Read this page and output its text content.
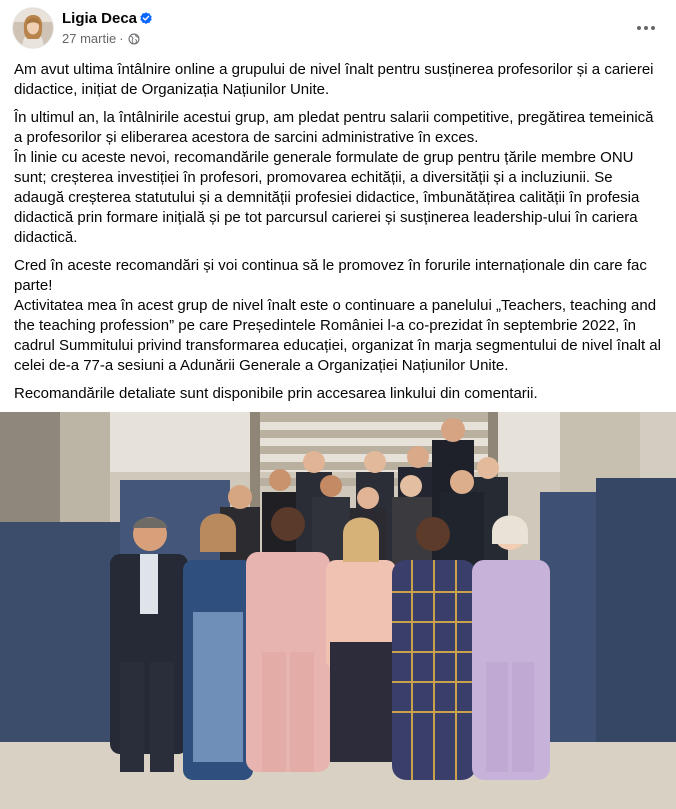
Ligia Deca
27 martie ·

Am avut ultima întâlnire online a grupului de nivel înalt pentru susținerea profesorilor și a carierei didactice, inițiat de Organizația Națiunilor Unite.

În ultimul an, la întâlnirile acestui grup, am pledat pentru salarii competitive, pregătirea temeinică a profesorilor și eliberarea acestora de sarcini administrative în exces.
În linie cu aceste nevoi, recomandările generale formulate de grup pentru țările membre ONU sunt; creșterea investiției în profesori, promovarea echității, a diversității și a incluziunii. Se adaugă creșterea statutului și a demnității profesiei didactice, îmbunătățirea calității în profesia didactică prin formare inițială și pe tot parcursul carierei și susținerea leadership-ului în cariera didactică.

Cred în aceste recomandări și voi continua să le promovez în forurile internaționale din care fac parte!
Activitatea mea în acest grup de nivel înalt este o continuare a panelului „Teachers, teaching and the teaching profession” pe care Președintele României l-a co-prezidat în septembrie 2022, în cadrul Summitului privind transformarea educației, organizat în marja segmentului de nivel înalt al celei de-a 77-a sesiuni a Adunării Generale a Organizației Națiunilor Unite.

Recomandările detaliate sunt disponibile prin accesarea linkului din comentarii.
